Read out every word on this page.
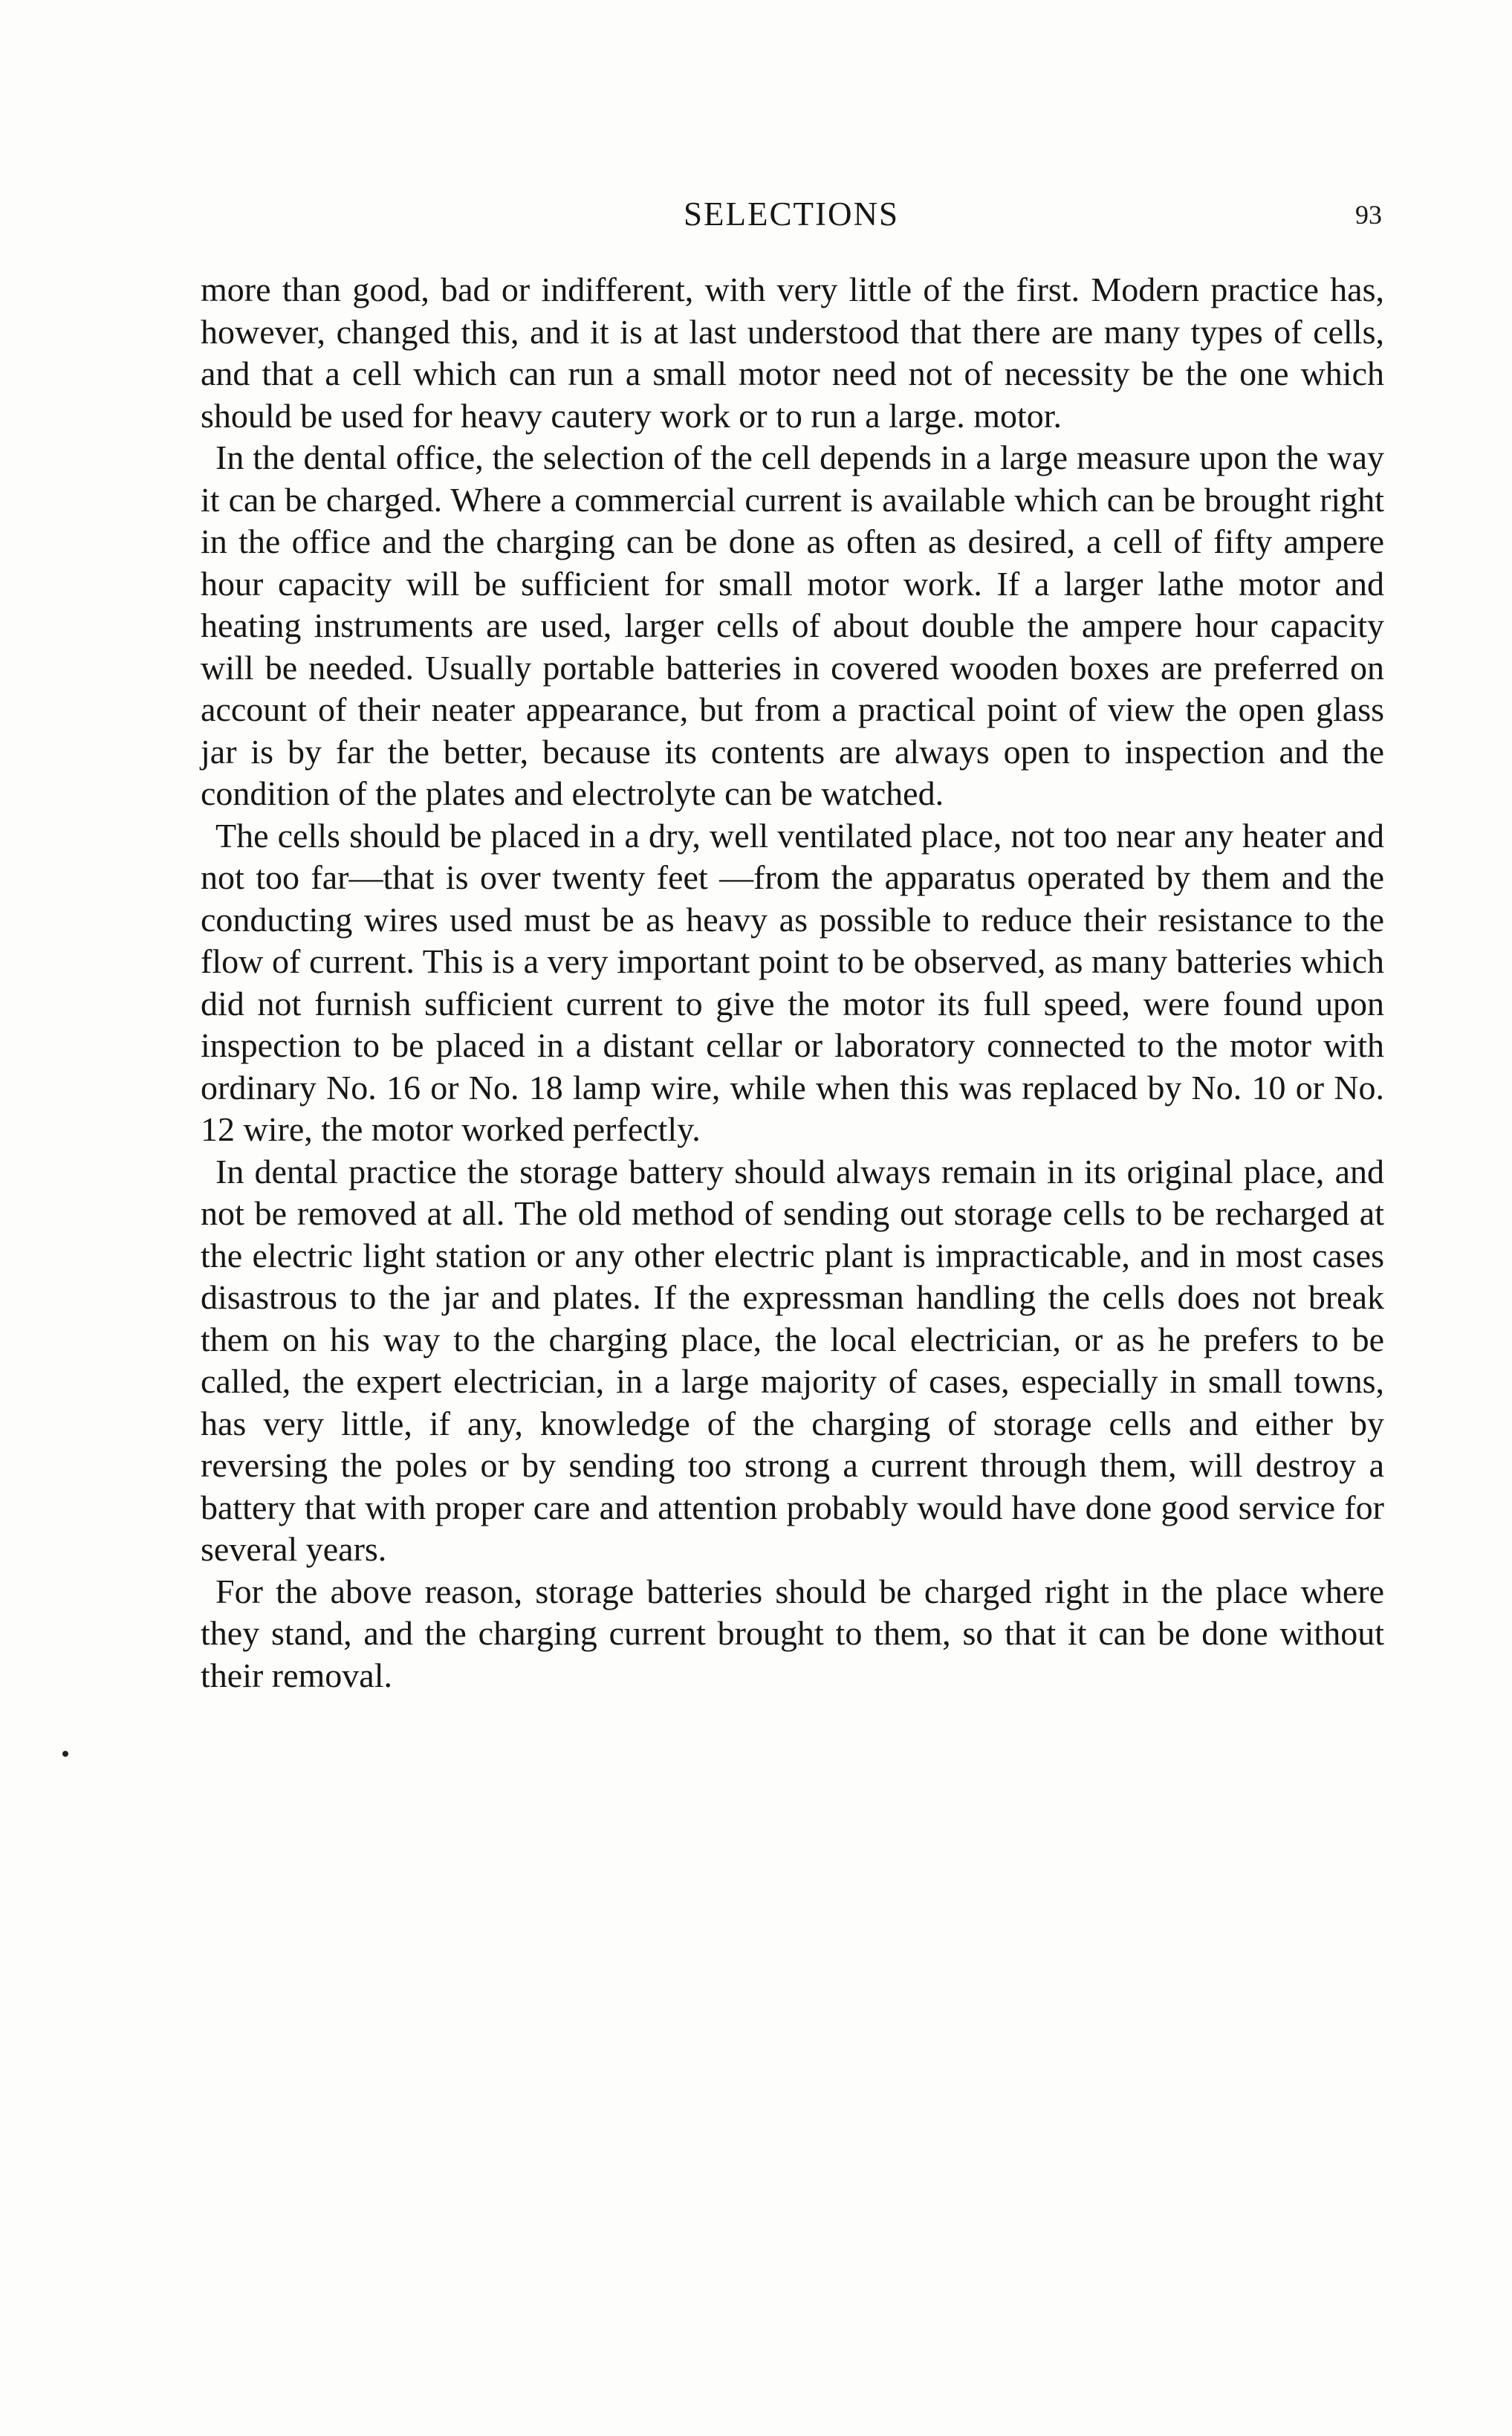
SELECTIONS	93

more than good, bad or indifferent, with very little of the first. Modern practice has, however, changed this, and it is at last understood that there are many types of cells, and that a cell which can run a small motor need not of necessity be the one which should be used for heavy cautery work or to run a large. motor.

In the dental office, the selection of the cell depends in a large measure upon the way it can be charged. Where a commercial current is available which can be brought right in the office and the charging can be done as often as desired, a cell of fifty ampere hour capacity will be sufficient for small motor work. If a larger lathe motor and heating instruments are used, larger cells of about double the ampere hour capacity will be needed. Usually portable batteries in covered wooden boxes are preferred on account of their neater appearance, but from a practical point of view the open glass jar is by far the better, because its contents are always open to inspection and the condition of the plates and electrolyte can be watched.

The cells should be placed in a dry, well ventilated place, not too near any heater and not too far—that is over twenty feet —from the apparatus operated by them and the conducting wires used must be as heavy as possible to reduce their resistance to the flow of current. This is a very important point to be observed, as many batteries which did not furnish sufficient current to give the motor its full speed, were found upon inspection to be placed in a distant cellar or laboratory connected to the motor with ordinary No. 16 or No. 18 lamp wire, while when this was replaced by No. 10 or No. 12 wire, the motor worked perfectly.

In dental practice the storage battery should always remain in its original place, and not be removed at all. The old method of sending out storage cells to be recharged at the electric light station or any other electric plant is impracticable, and in most cases disastrous to the jar and plates. If the expressman handling the cells does not break them on his way to the charging place, the local electrician, or as he prefers to be called, the expert electrician, in a large majority of cases, especially in small towns, has very little, if any, knowledge of the charging of storage cells and either by reversing the poles or by sending too strong a current through them, will destroy a battery that with proper care and attention probably would have done good service for several years.

For the above reason, storage batteries should be charged right in the place where they stand, and the charging current brought to them, so that it can be done without their removal.
